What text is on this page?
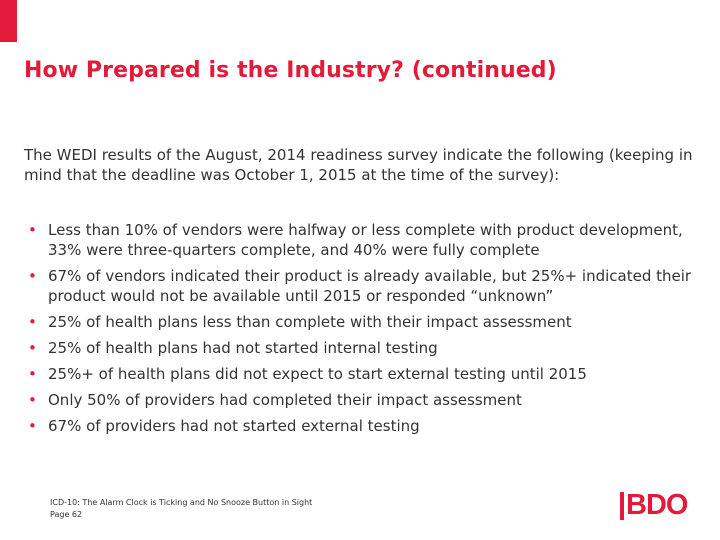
How Prepared is the Industry? (continued)

The WEDI results of the August, 2014 readiness survey indicate the following (keeping in mind that the deadline was October 1, 2015 at the time of the survey):

• Less than 10% of vendors were halfway or less complete with product development, 33% were three-quarters complete, and 40% were fully complete
• 67% of vendors indicated their product is already available, but 25%+ indicated their product would not be available until 2015 or responded “unknown”
• 25% of health plans less than complete with their impact assessment
• 25% of health plans had not started internal testing
• 25%+ of health plans did not expect to start external testing until 2015
• Only 50% of providers had completed their impact assessment
• 67% of providers had not started external testing
ICD-10: The Alarm Clock is Ticking and No Snooze Button in Sight
Page 62	BDO
